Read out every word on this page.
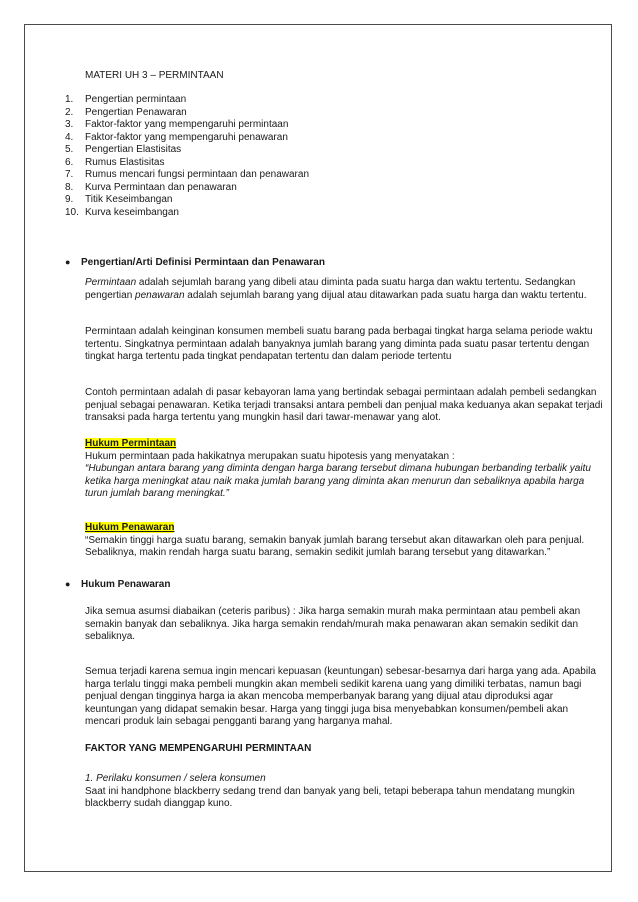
MATERI UH 3 – PERMINTAAN
1. Pengertian permintaan
2. Pengertian Penawaran
3. Faktor-faktor yang mempengaruhi permintaan
4. Faktor-faktor yang mempengaruhi penawaran
5. Pengertian Elastisitas
6. Rumus Elastisitas
7. Rumus mencari fungsi permintaan dan penawaran
8. Kurva Permintaan dan penawaran
9. Titik Keseimbangan
10. Kurva keseimbangan
● Pengertian/Arti Definisi Permintaan dan Penawaran
Permintaan adalah sejumlah barang yang dibeli atau diminta pada suatu harga dan waktu tertentu. Sedangkan pengertian penawaran adalah sejumlah barang yang dijual atau ditawarkan pada suatu harga dan waktu tertentu.
Permintaan adalah keinginan konsumen membeli suatu barang pada berbagai tingkat harga selama periode waktu tertentu. Singkatnya permintaan adalah banyaknya jumlah barang yang diminta pada suatu pasar tertentu dengan tingkat harga tertentu pada tingkat pendapatan tertentu dan dalam periode tertentu
Contoh permintaan adalah di pasar kebayoran lama yang bertindak sebagai permintaan adalah pembeli sedangkan penjual sebagai penawaran. Ketika terjadi transaksi antara pembeli dan penjual maka keduanya akan sepakat terjadi transaksi pada harga tertentu yang mungkin hasil dari tawar-menawar yang alot.
Hukum Permintaan
Hukum permintaan pada hakikatnya merupakan suatu hipotesis yang menyatakan :
“Hubungan antara barang yang diminta dengan harga barang tersebut dimana hubungan berbanding terbalik yaitu ketika harga meningkat atau naik maka jumlah barang yang diminta akan menurun dan sebaliknya apabila harga turun jumlah barang meningkat.”
Hukum Penawaran
“Semakin tinggi harga suatu barang, semakin banyak jumlah barang tersebut akan ditawarkan oleh para penjual. Sebaliknya, makin rendah harga suatu barang, semakin sedikit jumlah barang tersebut yang ditawarkan.”
● Hukum Penawaran
Jika semua asumsi diabaikan (ceteris paribus) : Jika harga semakin murah maka permintaan atau pembeli akan semakin banyak dan sebaliknya. Jika harga semakin rendah/murah maka penawaran akan semakin sedikit dan sebaliknya.
Semua terjadi karena semua ingin mencari kepuasan (keuntungan) sebesar-besarnya dari harga yang ada. Apabila harga terlalu tinggi maka pembeli mungkin akan membeli sedikit karena uang yang dimiliki terbatas, namun bagi penjual dengan tingginya harga ia akan mencoba memperbanyak barang yang dijual atau diproduksi agar keuntungan yang didapat semakin besar. Harga yang tinggi juga bisa menyebabkan konsumen/pembeli akan mencari produk lain sebagai pengganti barang yang harganya mahal.
FAKTOR YANG MEMPENGARUHI PERMINTAAN
1. Perilaku konsumen / selera konsumen
Saat ini handphone blackberry sedang trend dan banyak yang beli, tetapi beberapa tahun mendatang mungkin blackberry sudah dianggap kuno.
